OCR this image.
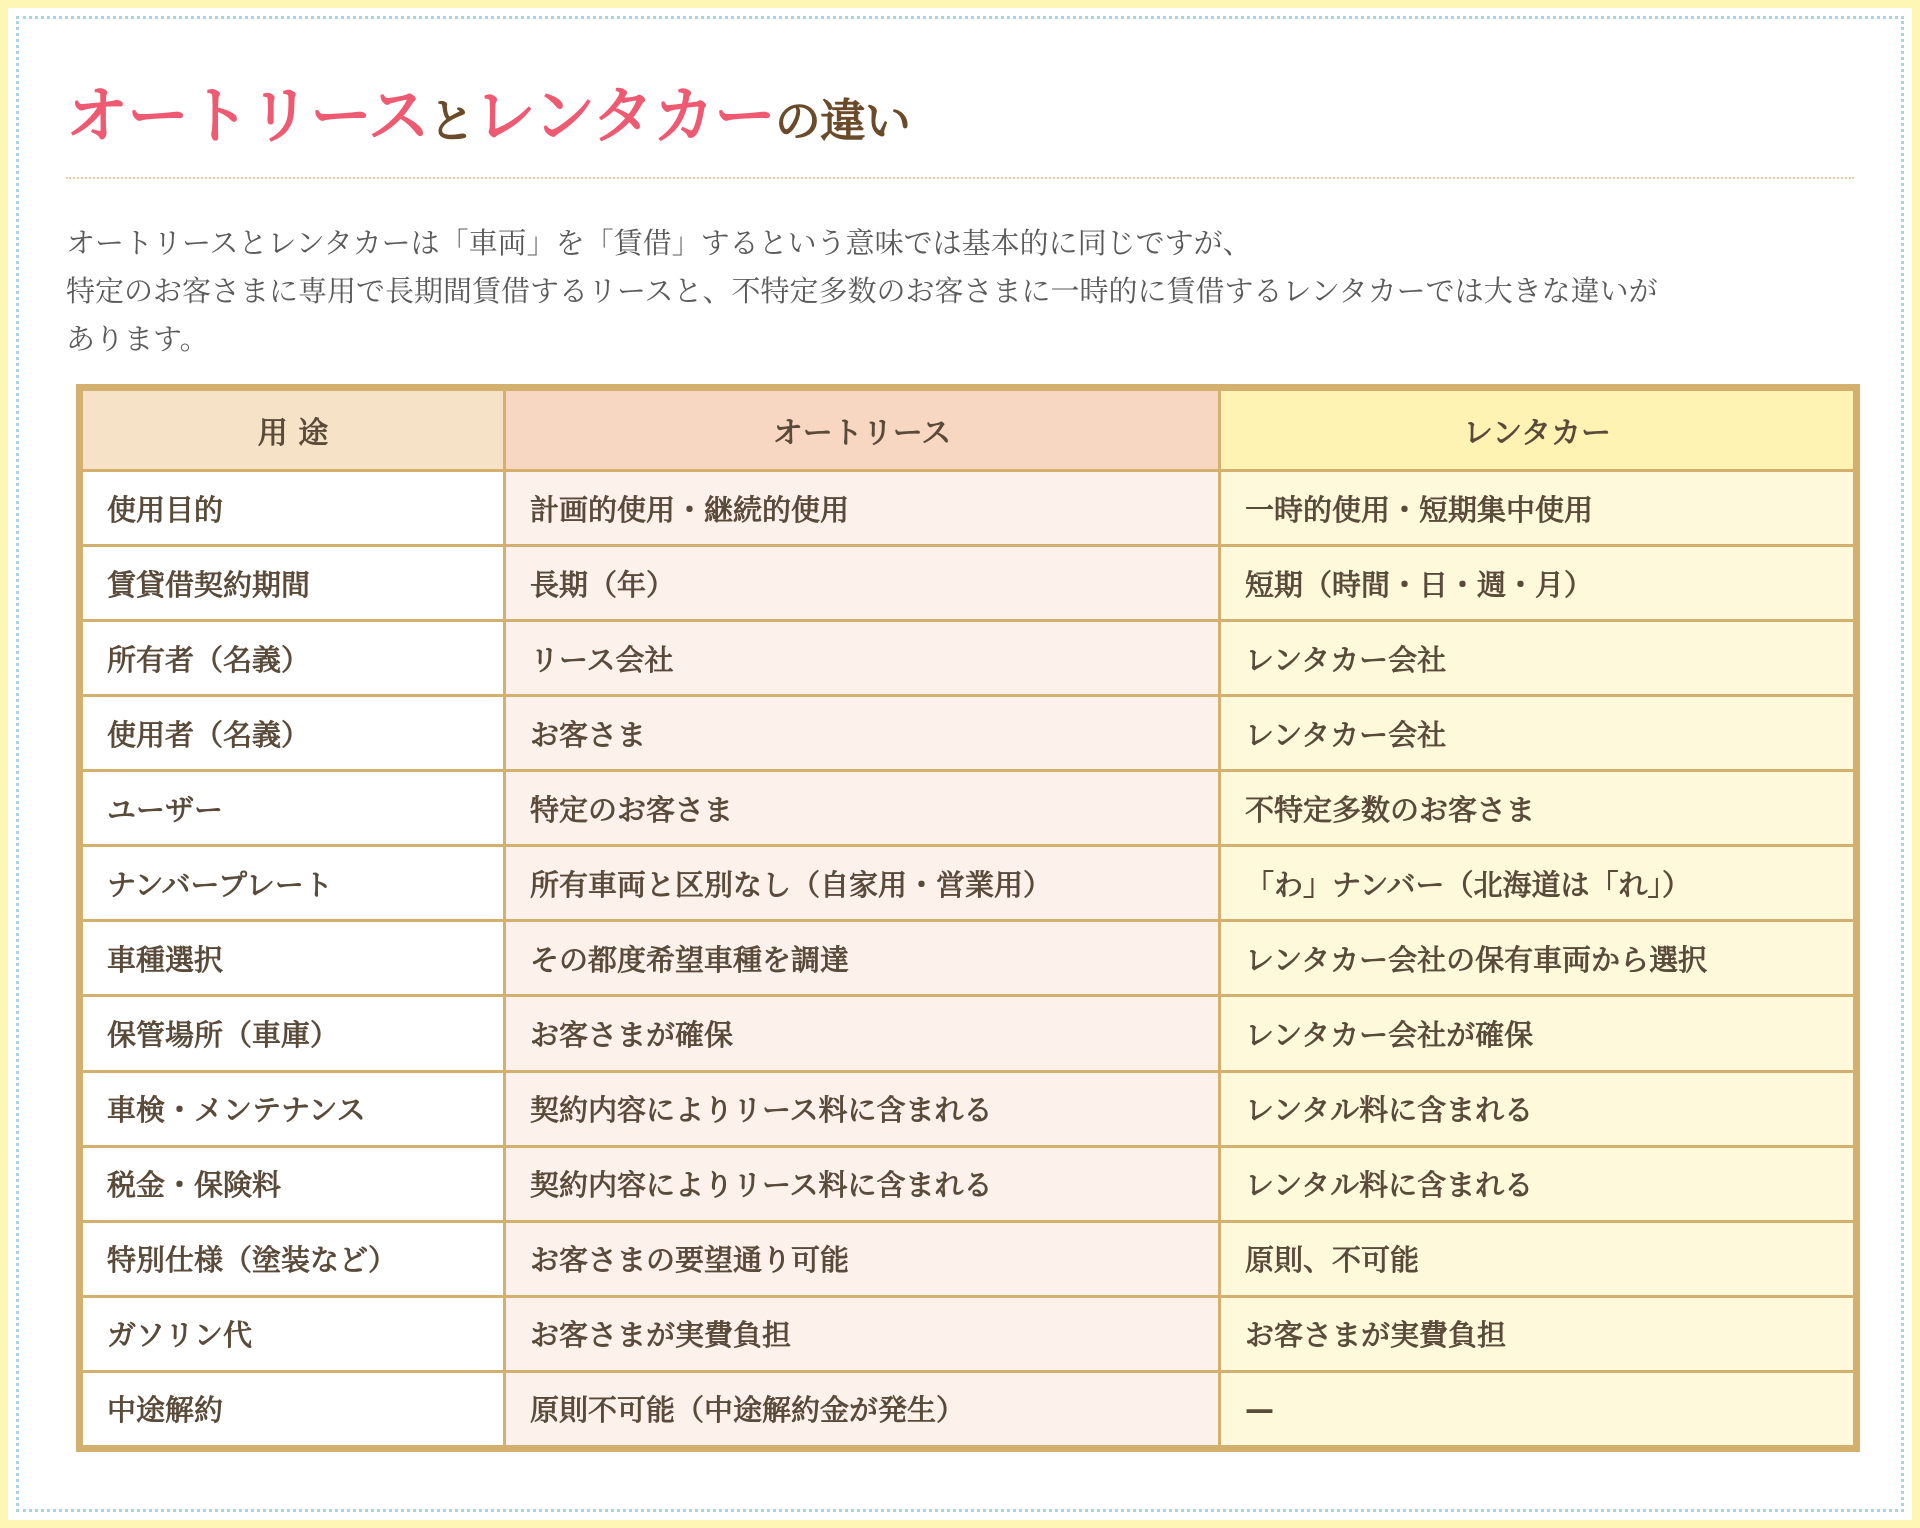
オートリースとレンタカーの違い

オートリースとレンタカーは「車両」を「賃借」するという意味では基本的に同じですが、

特定のお客さまに専用で長期間賃借するリースと、不特定多数のお客さまに一時的に賃借するレンタカーでは大きな違いが

あります。

用 途	オートリース	レンタカー
使用目的	計画的使用・継続的使用	一時的使用・短期集中使用
賃貸借契約期間	長期（年）	短期（時間・日・週・月）
所有者（名義）	リース会社	レンタカー会社
使用者（名義）	お客さま	レンタカー会社
ユーザー	特定のお客さま	不特定多数のお客さま
ナンバープレート	所有車両と区別なし（自家用・営業用）	「わ」ナンバー（北海道は「れ」）
車種選択	その都度希望車種を調達	レンタカー会社の保有車両から選択
保管場所（車庫）	お客さまが確保	レンタカー会社が確保
車検・メンテナンス	契約内容によりリース料に含まれる	レンタル料に含まれる
税金・保険料	契約内容によりリース料に含まれる	レンタル料に含まれる
特別仕様（塗装など）	お客さまの要望通り可能	原則、不可能
ガソリン代	お客さまが実費負担	お客さまが実費負担
中途解約	原則不可能（中途解約金が発生）	—
